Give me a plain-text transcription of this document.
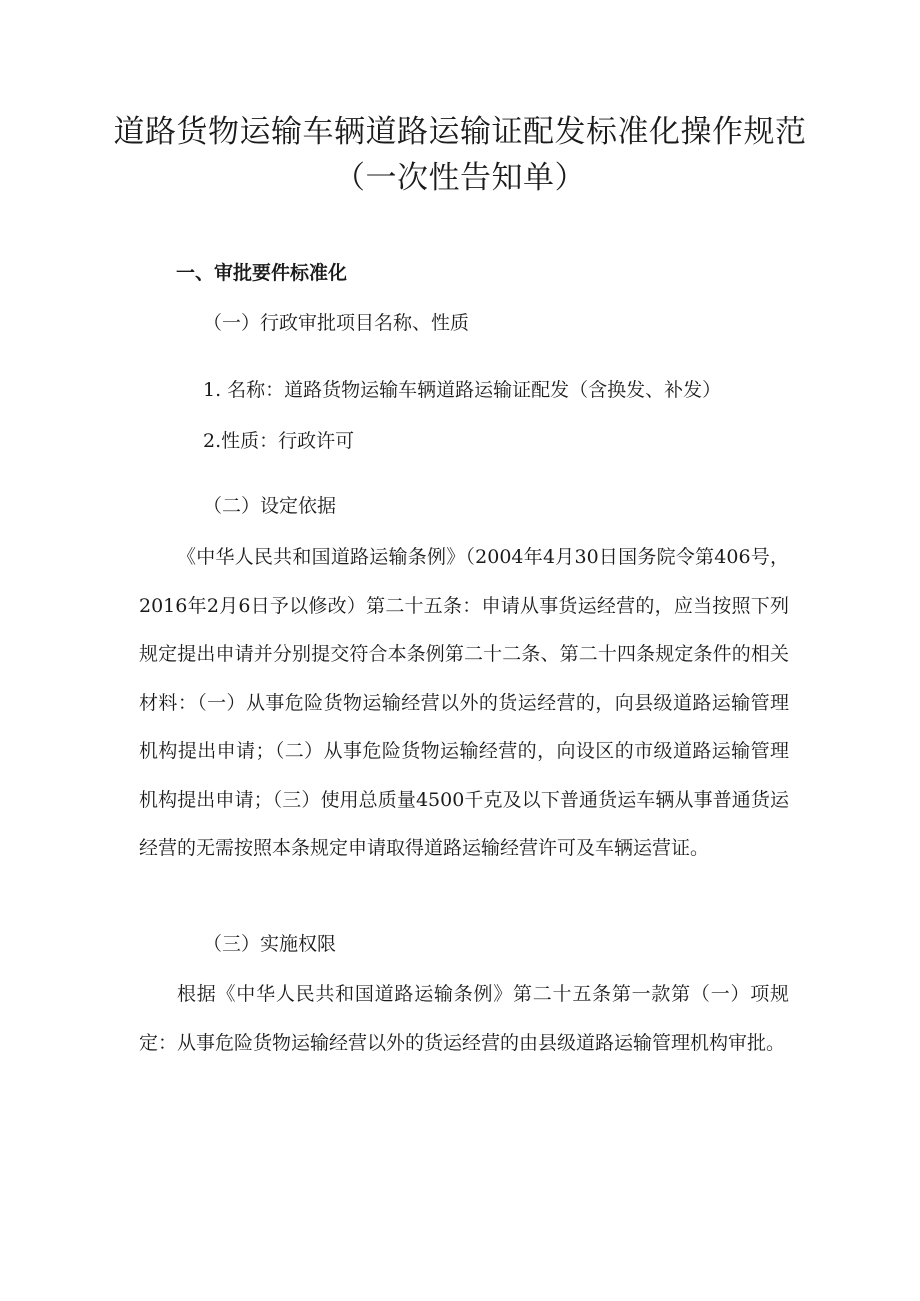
道路货物运输车辆道路运输证配发标准化操作规范
（一次性告知单）
一、审批要件标准化
（一）行政审批项目名称、性质
1. 名称：道路货物运输车辆道路运输证配发（含换发、补发）
2.性质：行政许可
（二）设定依据

《中华人民共和国道路运输条例》（2004年4月30日国务院令第406号，2016年2月6日予以修改）第二十五条：申请从事货运经营的，应当按照下列规定提出申请并分别提交符合本条例第二十二条、第二十四条规定条件的相关材料：（一）从事危险货物运输经营以外的货运经营的，向县级道路运输管理机构提出申请；（二）从事危险货物运输经营的，向设区的市级道路运输管理机构提出申请；（三）使用总质量4500千克及以下普通货运车辆从事普通货运经营的无需按照本条规定申请取得道路运输经营许可及车辆运营证。

（三）实施权限

根据《中华人民共和国道路运输条例》第二十五条第一款第（一）项规定：从事危险货物运输经营以外的货运经营的由县级道路运输管理机构审批。
